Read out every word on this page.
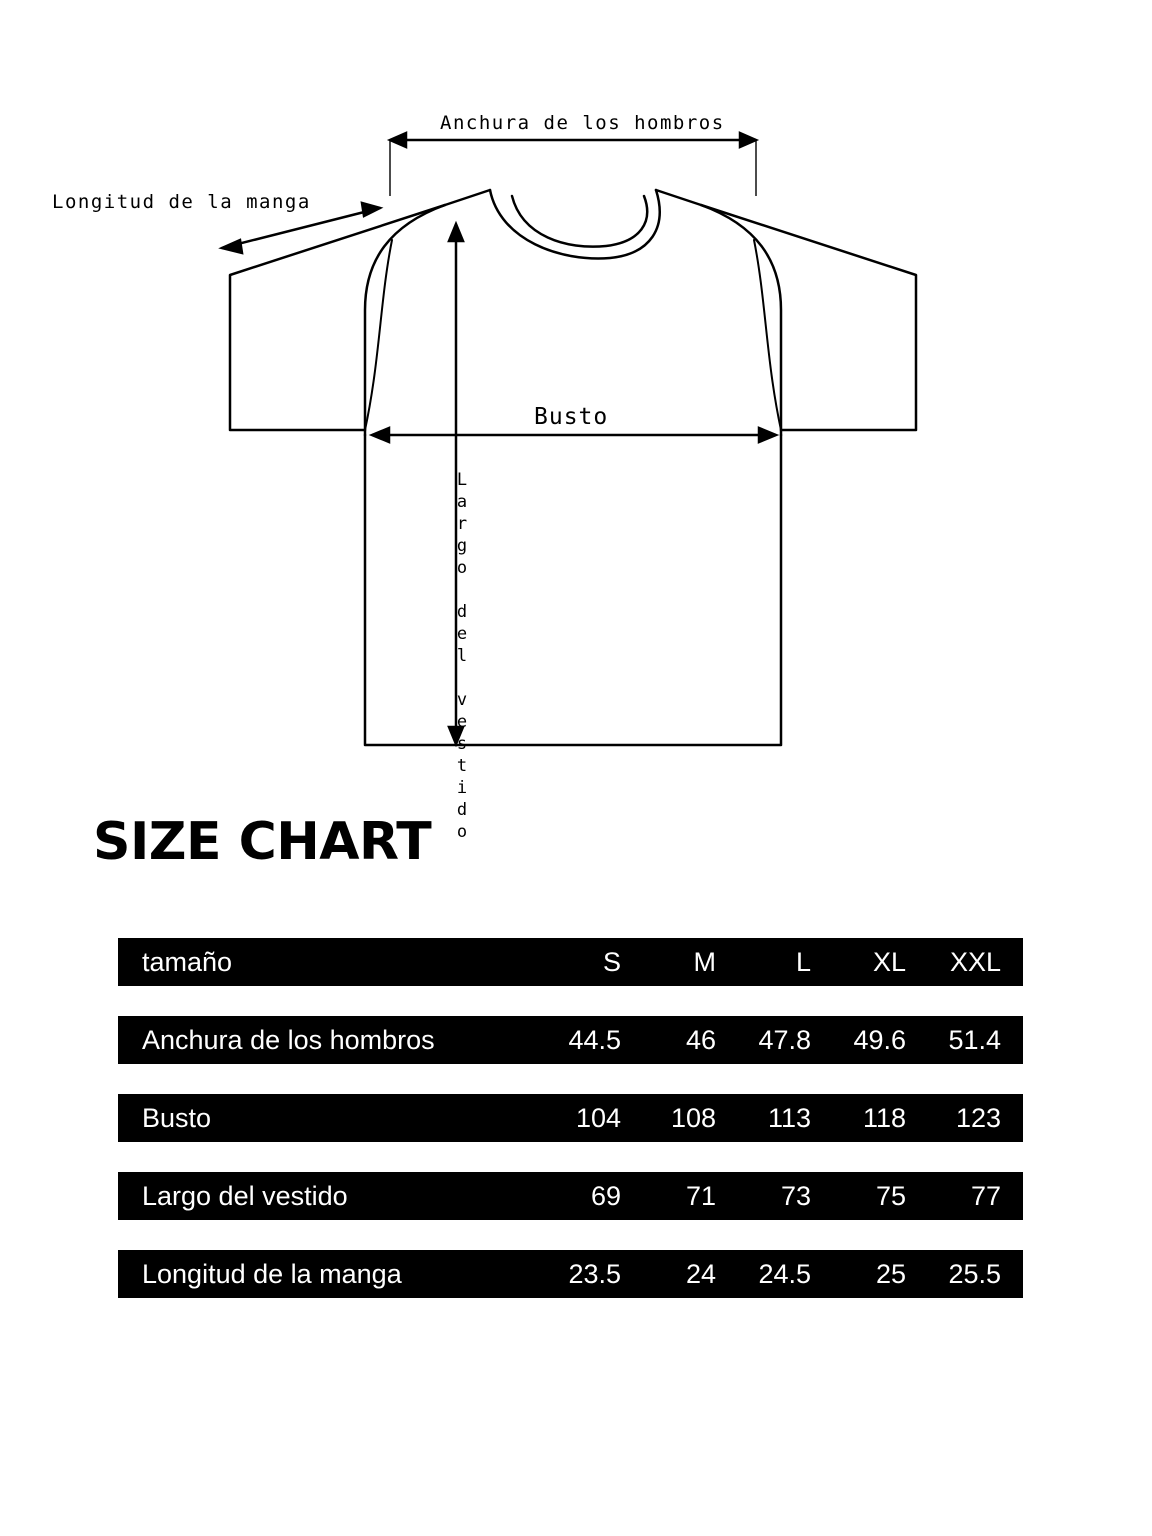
Anchura de los hombros
Longitud de la manga
Busto
Largo del vestido
SIZE CHART
tamaño	S	M	L	XL	XXL
Anchura de los hombros	44.5	46	47.8	49.6	51.4
Busto	104	108	113	118	123
Largo del vestido	69	71	73	75	77
Longitud de la manga	23.5	24	24.5	25	25.5
